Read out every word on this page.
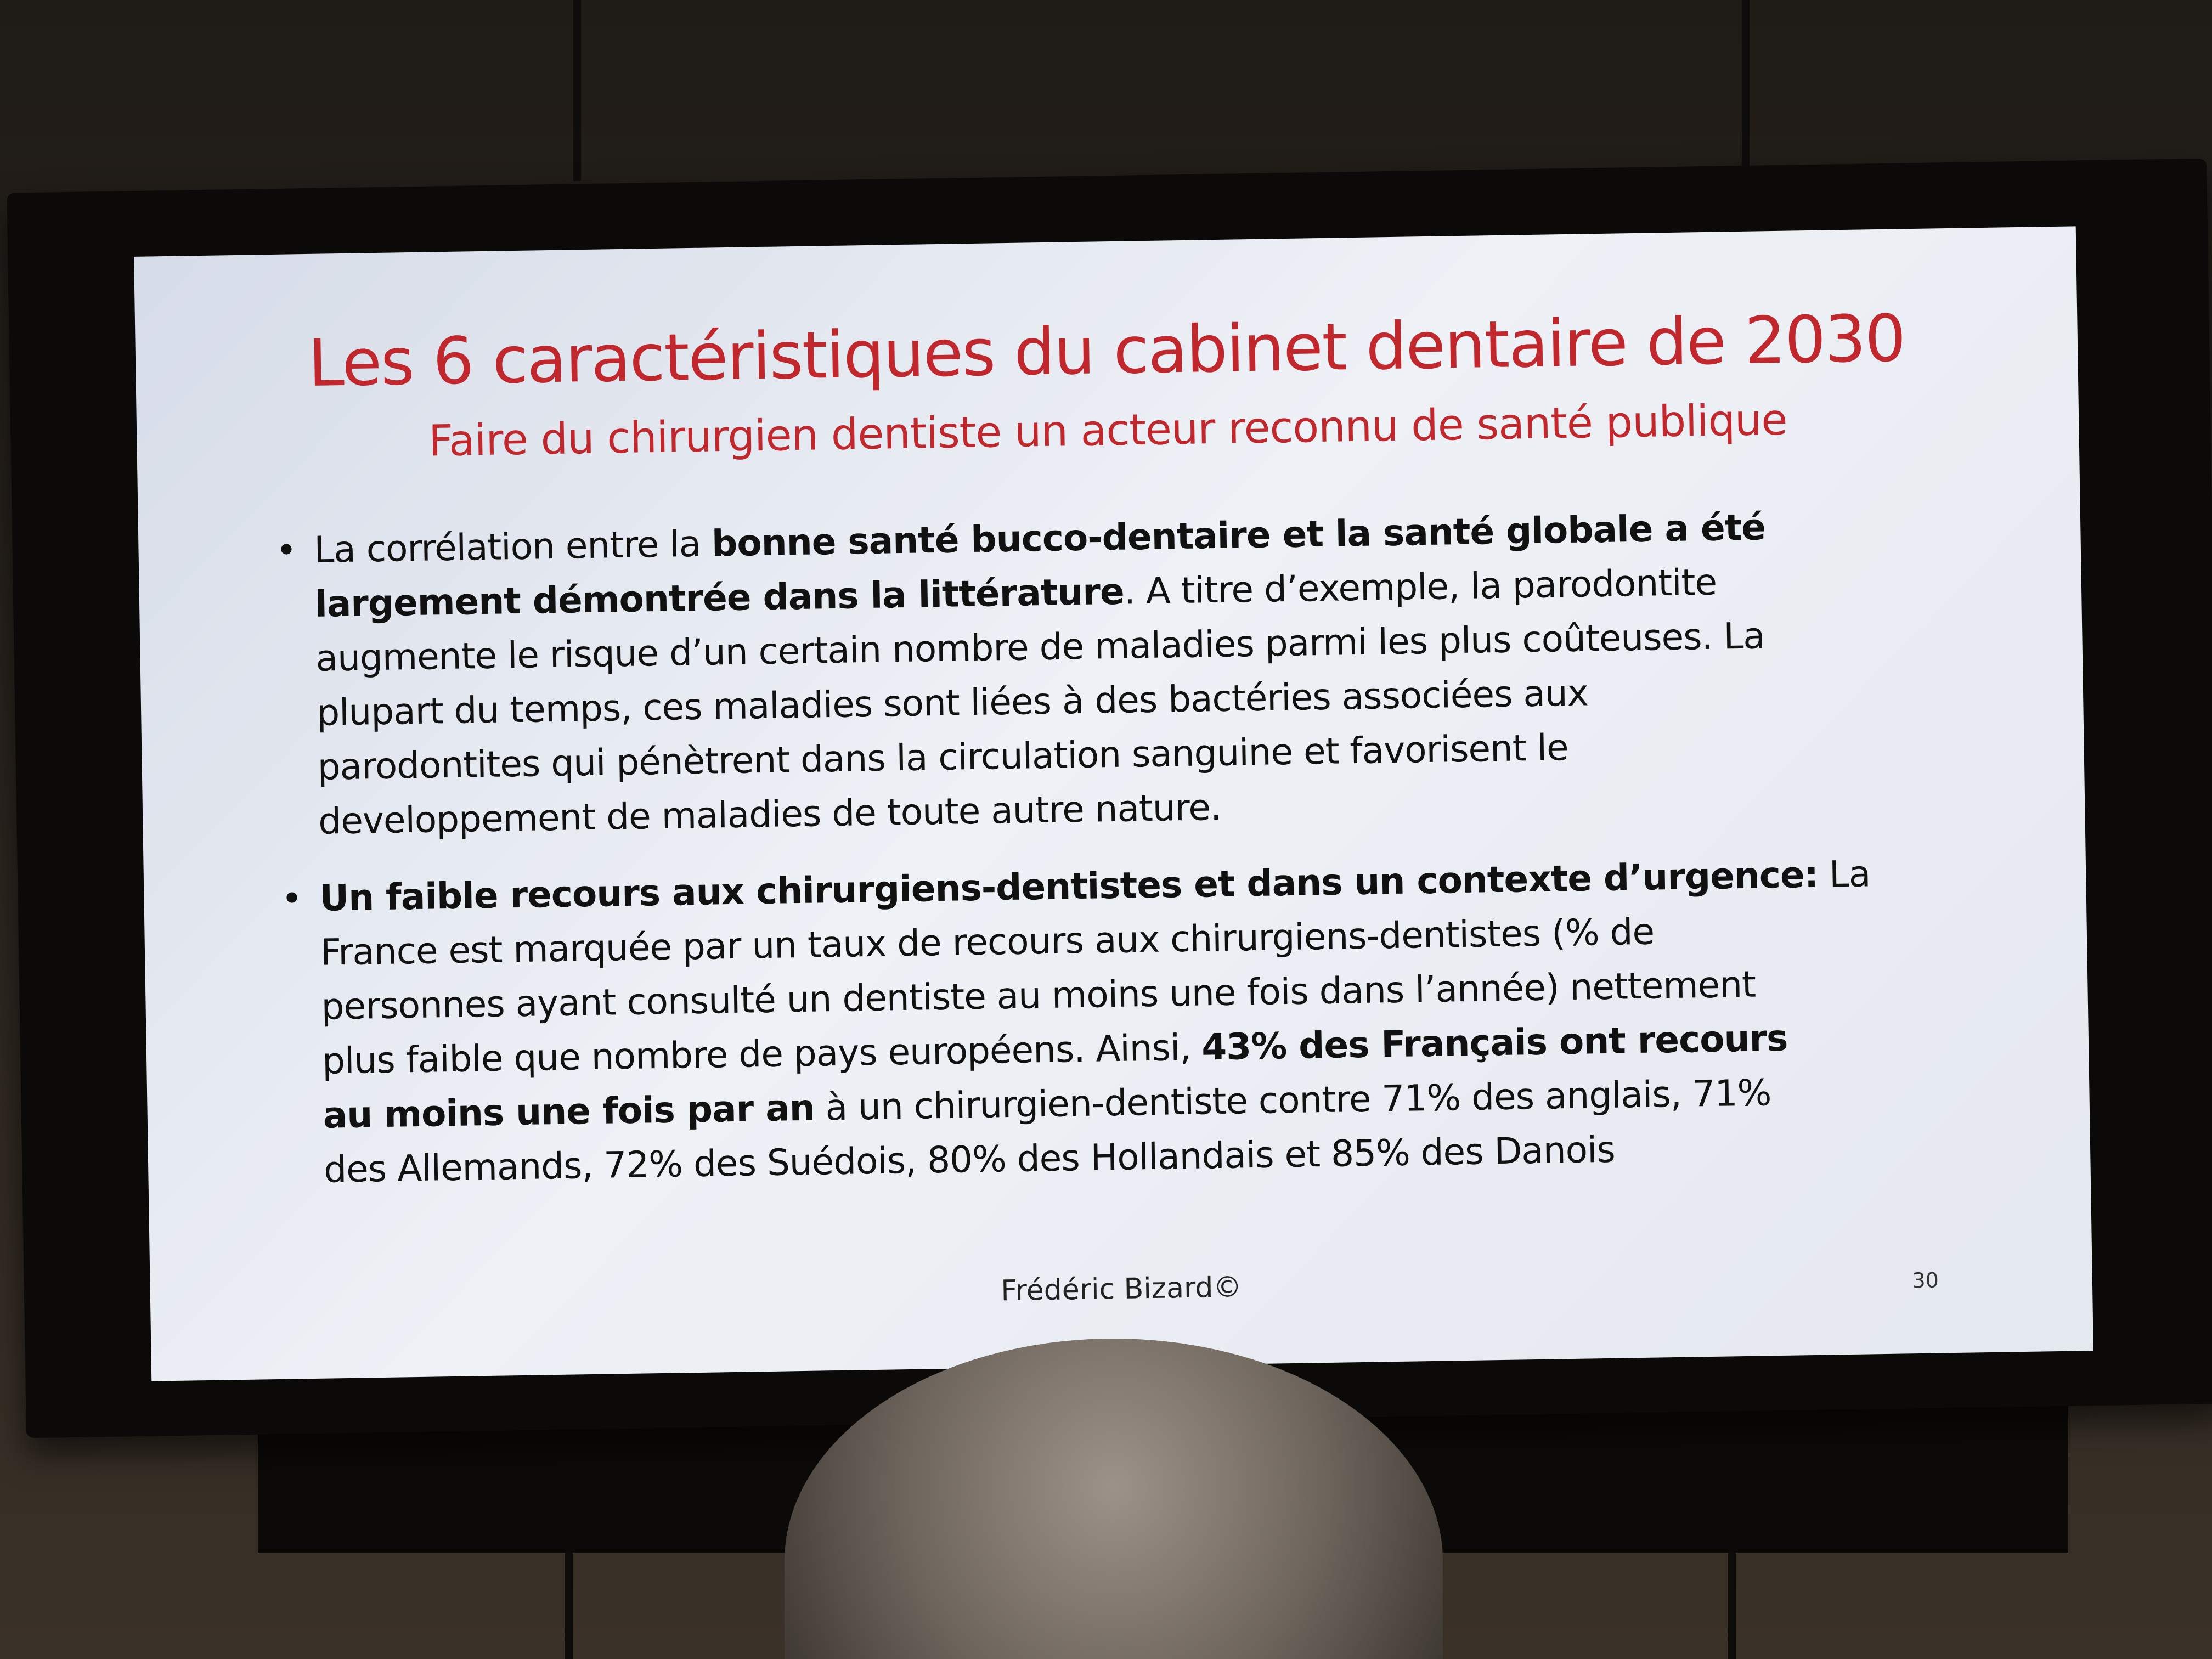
Les 6 caractéristiques du cabinet dentaire de 2030
Faire du chirurgien dentiste un acteur reconnu de santé publique
• La corrélation entre la bonne santé bucco-dentaire et la santé globale a été
largement démontrée dans la littérature. A titre d’exemple, la parodontite
augmente le risque d’un certain nombre de maladies parmi les plus coûteuses. La
plupart du temps, ces maladies sont liées à des bactéries associées aux
parodontites qui pénètrent dans la circulation sanguine et favorisent le
developpement de maladies de toute autre nature.
• Un faible recours aux chirurgiens-dentistes et dans un contexte d’urgence: La
France est marquée par un taux de recours aux chirurgiens-dentistes (% de
personnes ayant consulté un dentiste au moins une fois dans l’année) nettement
plus faible que nombre de pays européens. Ainsi, 43% des Français ont recours
au moins une fois par an à un chirurgien-dentiste contre 71% des anglais, 71%
des Allemands, 72% des Suédois, 80% des Hollandais et 85% des Danois
Frédéric Bizard©	30
